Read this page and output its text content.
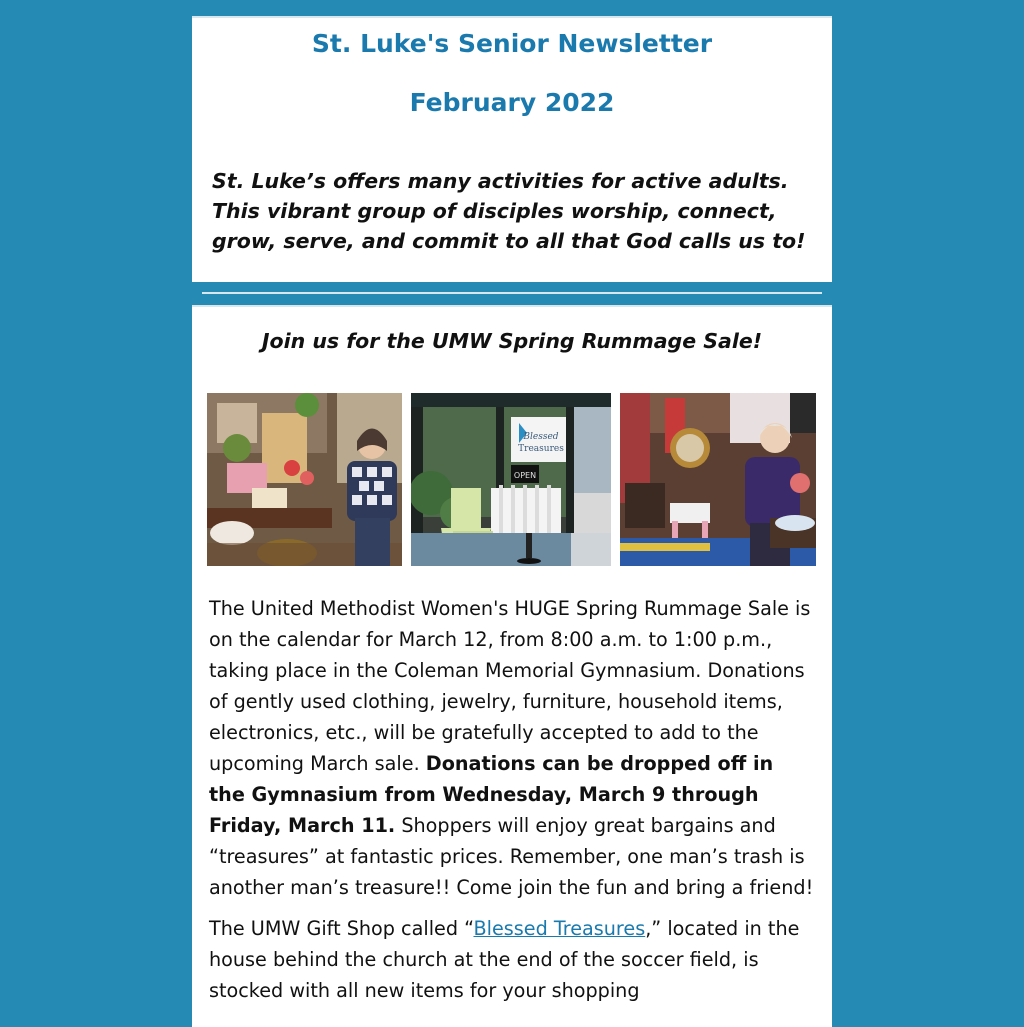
St. Luke's Senior Newsletter
February 2022

St. Luke’s offers many activities for active adults. This vibrant group of disciples worship, connect, grow, serve, and commit to all that God calls us to!

Join us for the UMW Spring Rummage Sale!

Blessed
Treasures
OPEN

The United Methodist Women's HUGE Spring Rummage Sale is on the calendar for March 12, from 8:00 a.m. to 1:00 p.m., taking place in the Coleman Memorial Gymnasium. Donations of gently used clothing, jewelry, furniture, household items, electronics, etc., will be gratefully accepted to add to the upcoming March sale. Donations can be dropped off in the Gymnasium from Wednesday, March 9 through Friday, March 11. Shoppers will enjoy great bargains and “treasures” at fantastic prices. Remember, one man’s trash is another man’s treasure!! Come join the fun and bring a friend!

The UMW Gift Shop called “Blessed Treasures,” located in the house behind the church at the end of the soccer field, is stocked with all new items for your shopping
